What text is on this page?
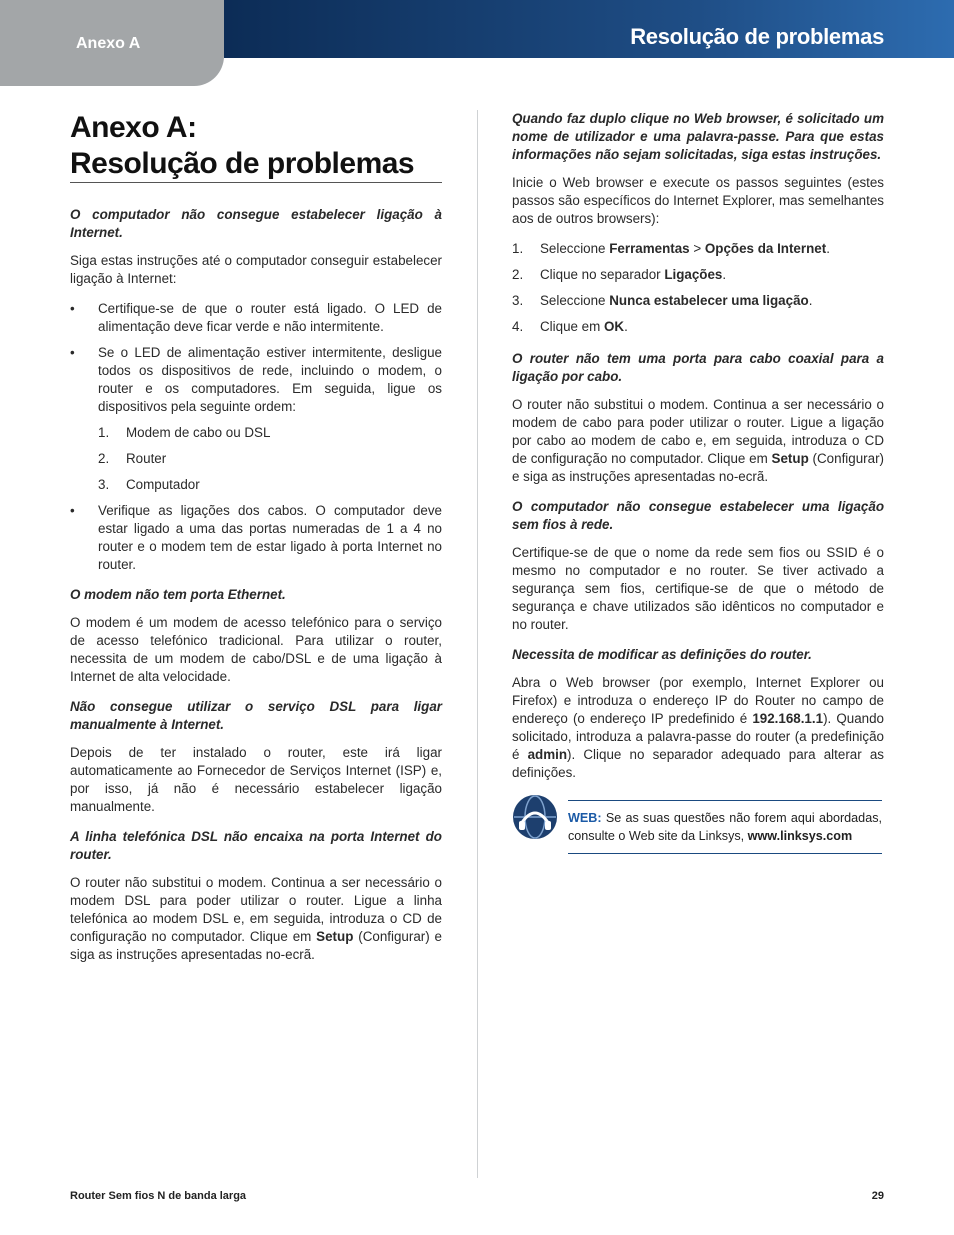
Anexo A	Resolução de problemas
Anexo A:
Resolução de problemas

O computador não consegue estabelecer ligação à Internet.

Siga estas instruções até o computador conseguir estabelecer ligação à Internet:

• Certifique-se de que o router está ligado. O LED de alimentação deve ficar verde e não intermitente.
• Se o LED de alimentação estiver intermitente, desligue todos os dispositivos de rede, incluindo o modem, o router e os computadores. Em seguida, ligue os dispositivos pela seguinte ordem:
1. Modem de cabo ou DSL
2. Router
3. Computador
• Verifique as ligações dos cabos. O computador deve estar ligado a uma das portas numeradas de 1 a 4 no router e o modem tem de estar ligado à porta Internet no router.

O modem não tem porta Ethernet.

O modem é um modem de acesso telefónico para o serviço de acesso telefónico tradicional. Para utilizar o router, necessita de um modem de cabo/DSL e de uma ligação à Internet de alta velocidade.

Não consegue utilizar o serviço DSL para ligar manualmente à Internet.

Depois de ter instalado o router, este irá ligar automaticamente ao Fornecedor de Serviços Internet (ISP) e, por isso, já não é necessário estabelecer ligação manualmente.

A linha telefónica DSL não encaixa na porta Internet do router.

O router não substitui o modem. Continua a ser necessário o modem DSL para poder utilizar o router. Ligue a linha telefónica ao modem DSL e, em seguida, introduza o CD de configuração no computador. Clique em Setup (Configurar) e siga as instruções apresentadas no-ecrã.

Quando faz duplo clique no Web browser, é solicitado um nome de utilizador e uma palavra-passe. Para que estas informações não sejam solicitadas, siga estas instruções.

Inicie o Web browser e execute os passos seguintes (estes passos são específicos do Internet Explorer, mas semelhantes aos de outros browsers):

1. Seleccione Ferramentas > Opções da Internet.
2. Clique no separador Ligações.
3. Seleccione Nunca estabelecer uma ligação.
4. Clique em OK.

O router não tem uma porta para cabo coaxial para a ligação por cabo.

O router não substitui o modem. Continua a ser necessário o modem de cabo para poder utilizar o router. Ligue a ligação por cabo ao modem de cabo e, em seguida, introduza o CD de configuração no computador. Clique em Setup (Configurar) e siga as instruções apresentadas no-ecrã.

O computador não consegue estabelecer uma ligação sem fios à rede.

Certifique-se de que o nome da rede sem fios ou SSID é o mesmo no computador e no router. Se tiver activado a segurança sem fios, certifique-se de que o método de segurança e chave utilizados são idênticos no computador e no router.

Necessita de modificar as definições do router.

Abra o Web browser (por exemplo, Internet Explorer ou Firefox) e introduza o endereço IP do Router no campo de endereço (o endereço IP predefinido é 192.168.1.1). Quando solicitado, introduza a palavra-passe do router (a predefinição é admin). Clique no separador adequado para alterar as definições.

WEB: Se as suas questões não forem aqui abordadas, consulte o Web site da Linksys, www.linksys.com
Router Sem fios N de banda larga	29
